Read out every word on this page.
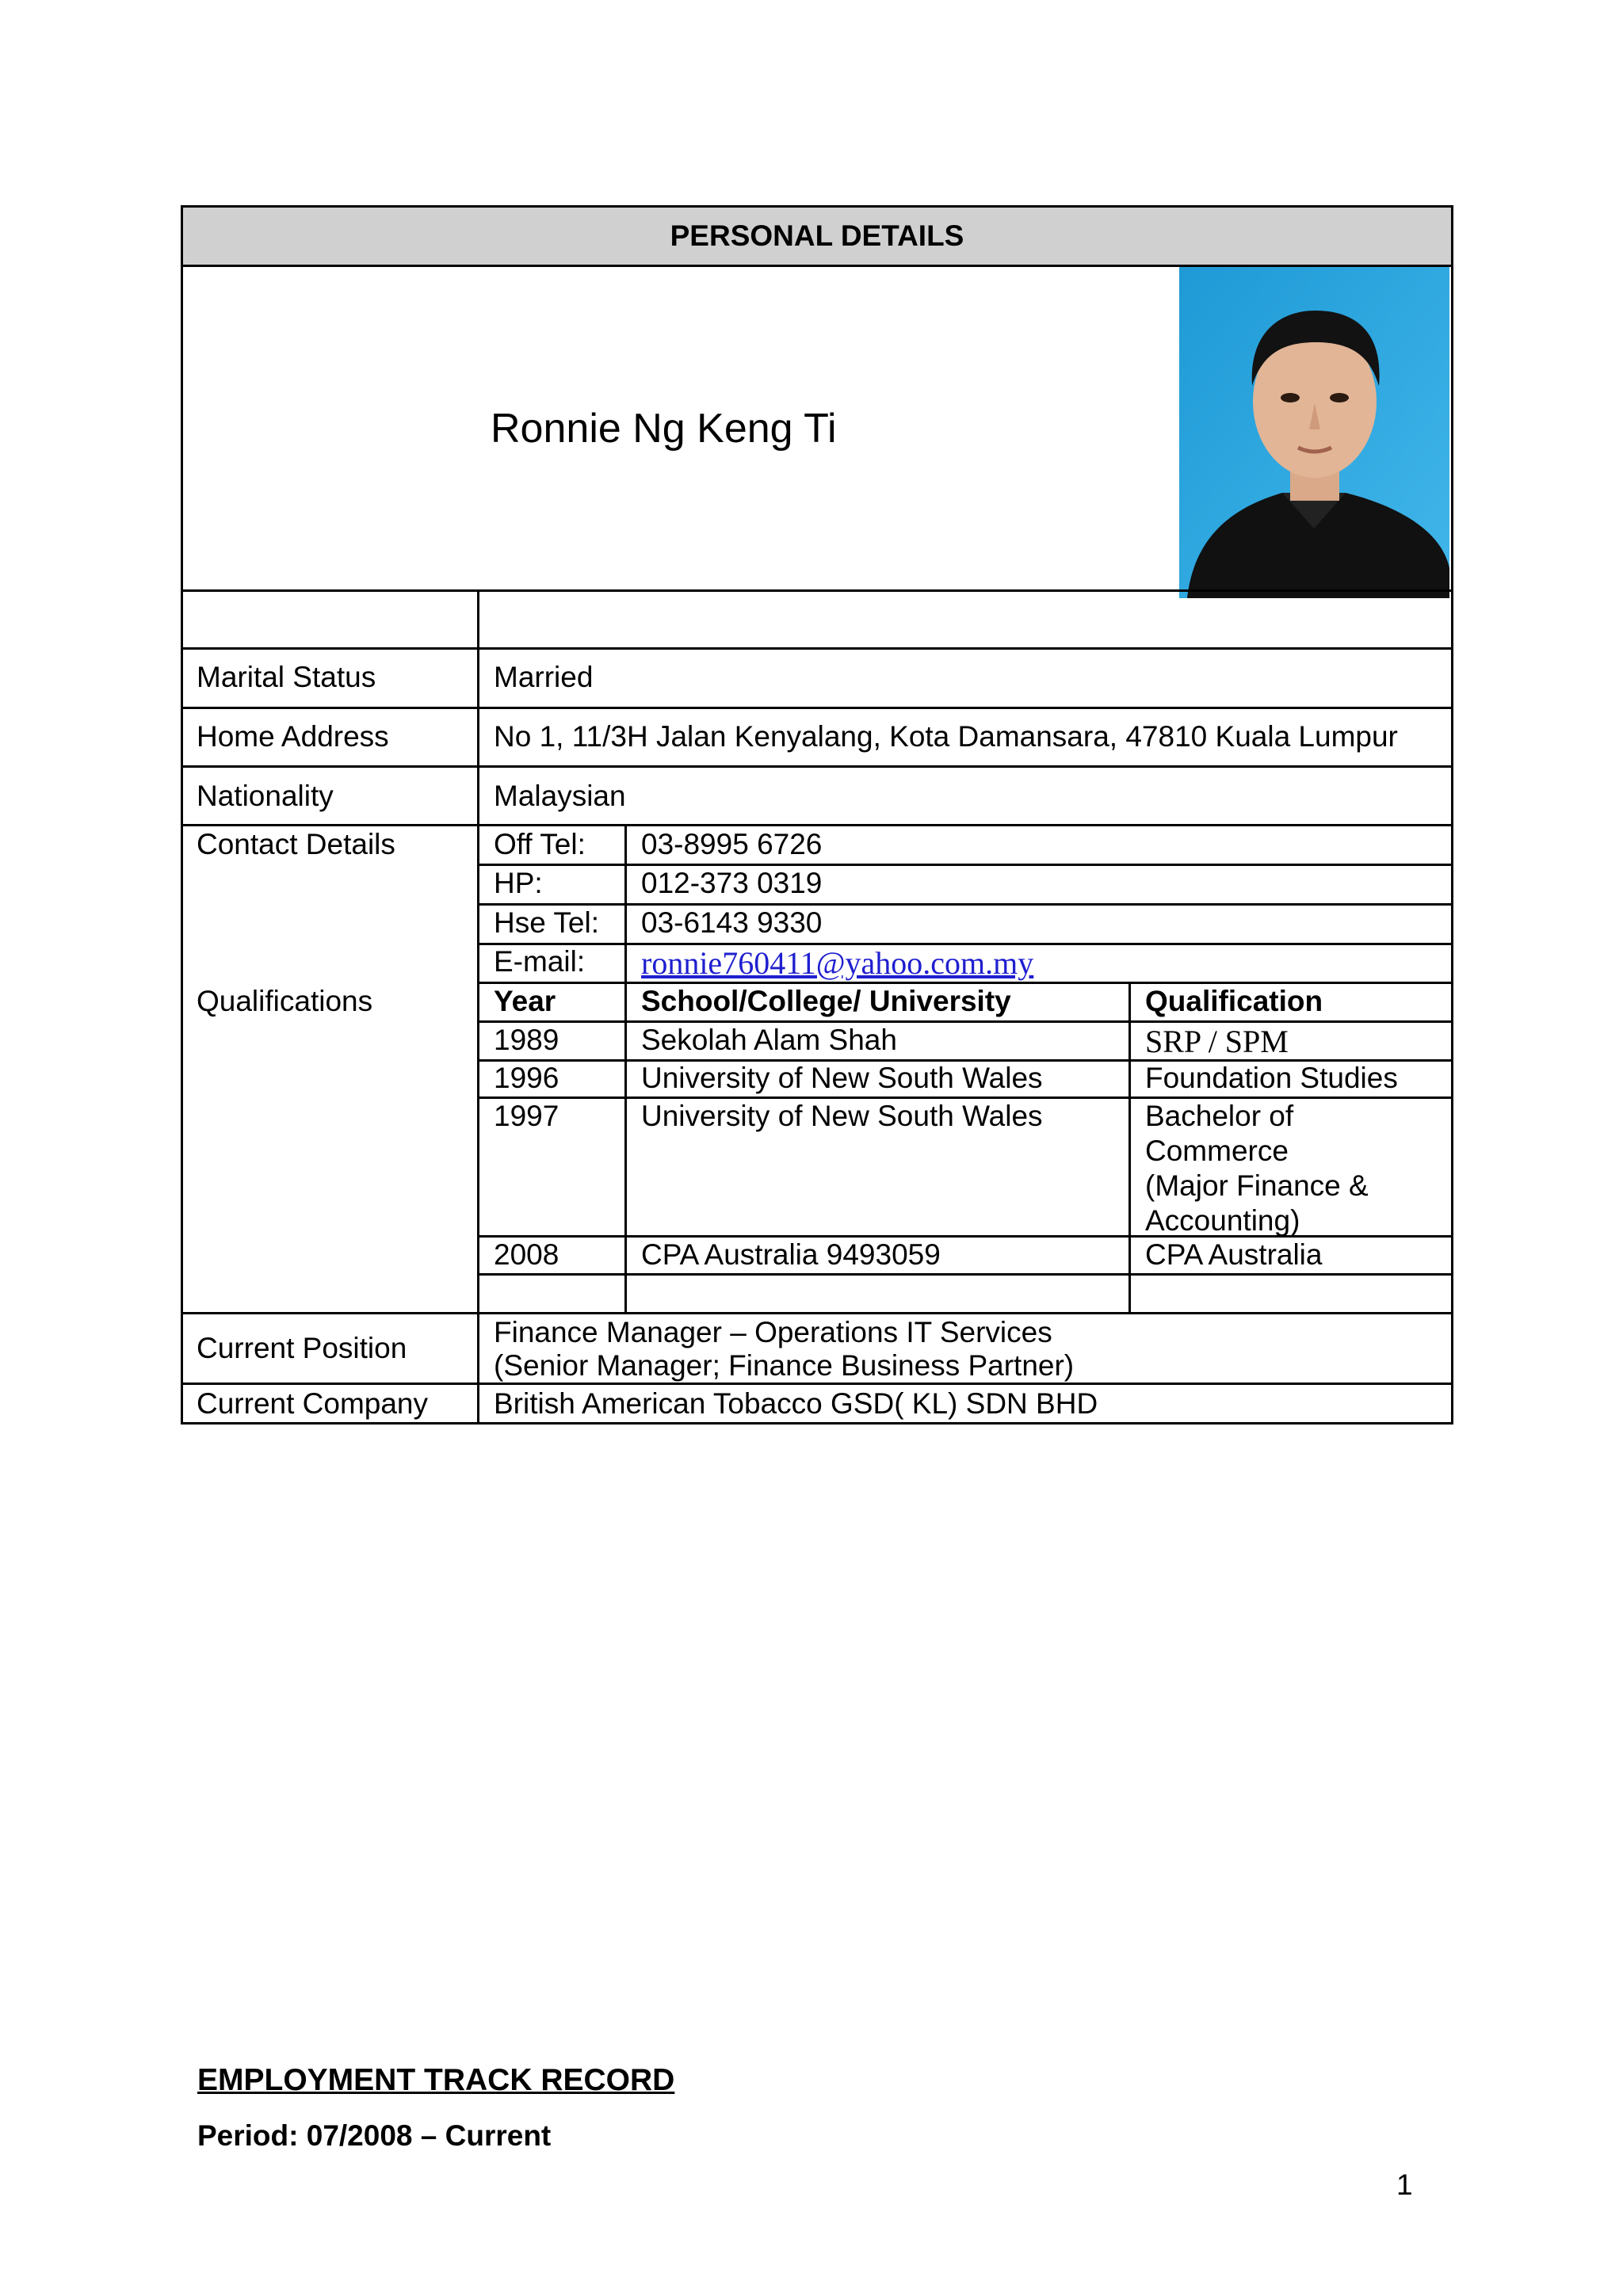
PERSONAL DETAILS
Ronnie Ng Keng Ti
Marital Status	Married
Home Address	No 1, 11/3H Jalan Kenyalang, Kota Damansara, 47810 Kuala Lumpur
Nationality	Malaysian
Contact Details	Off Tel: 03-8995 6726
HP:	012-373 0319
Hse Tel: 03-6143 9330
E-mail: ronnie760411@yahoo.com.my
Qualifications	Year	School/College/ University	Qualification
1989	Sekolah Alam Shah	SRP / SPM
1996	University of New South Wales	Foundation Studies
1997	University of New South Wales	Bachelor of
Commerce
(Major Finance &
Accounting)
2008	CPA Australia 9493059	CPA Australia
Current Position	Finance Manager – Operations IT Services
(Senior Manager; Finance Business Partner)
Current Company British American Tobacco GSD( KL) SDN BHD
EMPLOYMENT TRACK RECORD
Period: 07/2008 – Current
1
